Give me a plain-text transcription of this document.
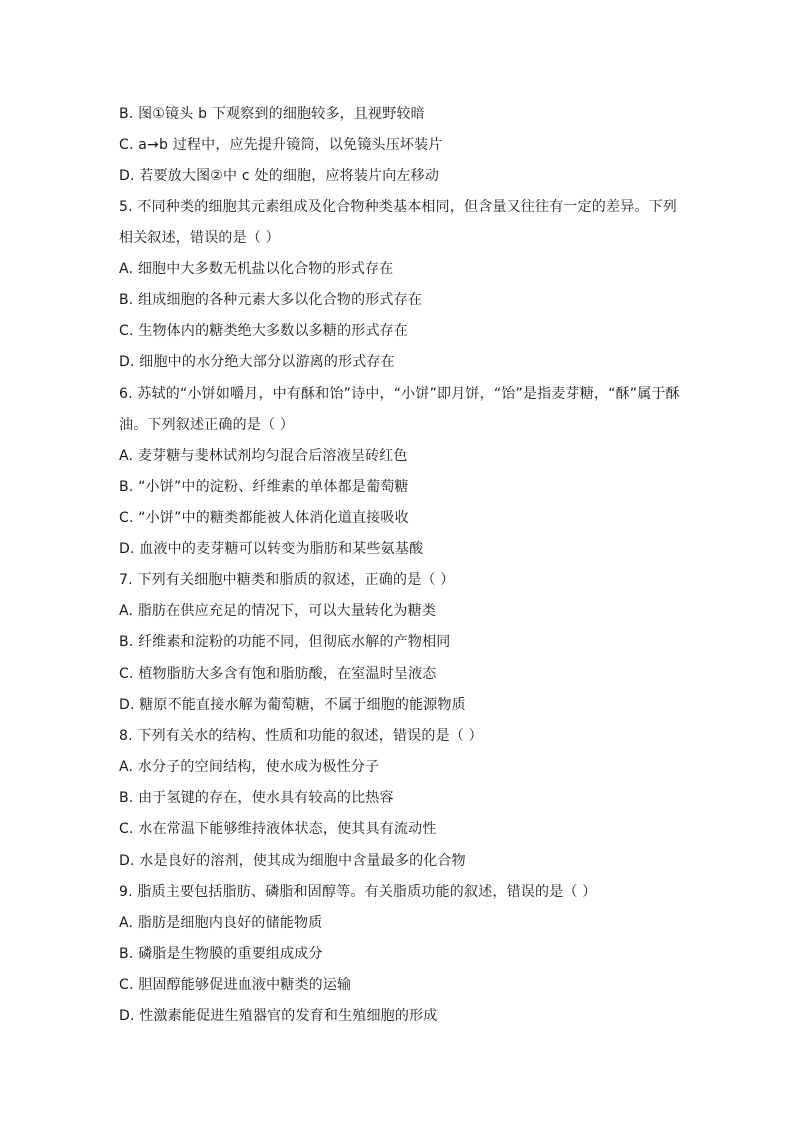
B. 图①镜头 b 下观察到的细胞较多，且视野较暗
C. a→b 过程中，应先提升镜筒，以免镜头压坏装片
D. 若要放大图②中 c 处的细胞，应将装片向左移动
5. 不同种类的细胞其元素组成及化合物种类基本相同，但含量又往往有一定的差异。下列
相关叙述，错误的是（ ）
A. 细胞中大多数无机盐以化合物的形式存在
B. 组成细胞的各种元素大多以化合物的形式存在
C. 生物体内的糖类绝大多数以多糖的形式存在
D. 细胞中的水分绝大部分以游离的形式存在
6. 苏轼的“小饼如嚼月，中有酥和饴”诗中，“小饼”即月饼，“饴”是指麦芽糖，“酥”属于酥
油。下列叙述正确的是（ ）
A. 麦芽糖与斐林试剂均匀混合后溶液呈砖红色
B. “小饼”中的淀粉、纤维素的单体都是葡萄糖
C. “小饼”中的糖类都能被人体消化道直接吸收
D. 血液中的麦芽糖可以转变为脂肪和某些氨基酸
7. 下列有关细胞中糖类和脂质的叙述，正确的是（ ）
A. 脂肪在供应充足的情况下，可以大量转化为糖类
B. 纤维素和淀粉的功能不同，但彻底水解的产物相同
C. 植物脂肪大多含有饱和脂肪酸，在室温时呈液态
D. 糖原不能直接水解为葡萄糖，不属于细胞的能源物质
8. 下列有关水的结构、性质和功能的叙述，错误的是（ ）
A. 水分子的空间结构，使水成为极性分子
B. 由于氢键的存在，使水具有较高的比热容
C. 水在常温下能够维持液体状态，使其具有流动性
D. 水是良好的溶剂，使其成为细胞中含量最多的化合物
9. 脂质主要包括脂肪、磷脂和固醇等。有关脂质功能的叙述，错误的是（ ）
A. 脂肪是细胞内良好的储能物质
B. 磷脂是生物膜的重要组成成分
C. 胆固醇能够促进血液中糖类的运输
D. 性激素能促进生殖器官的发育和生殖细胞的形成
